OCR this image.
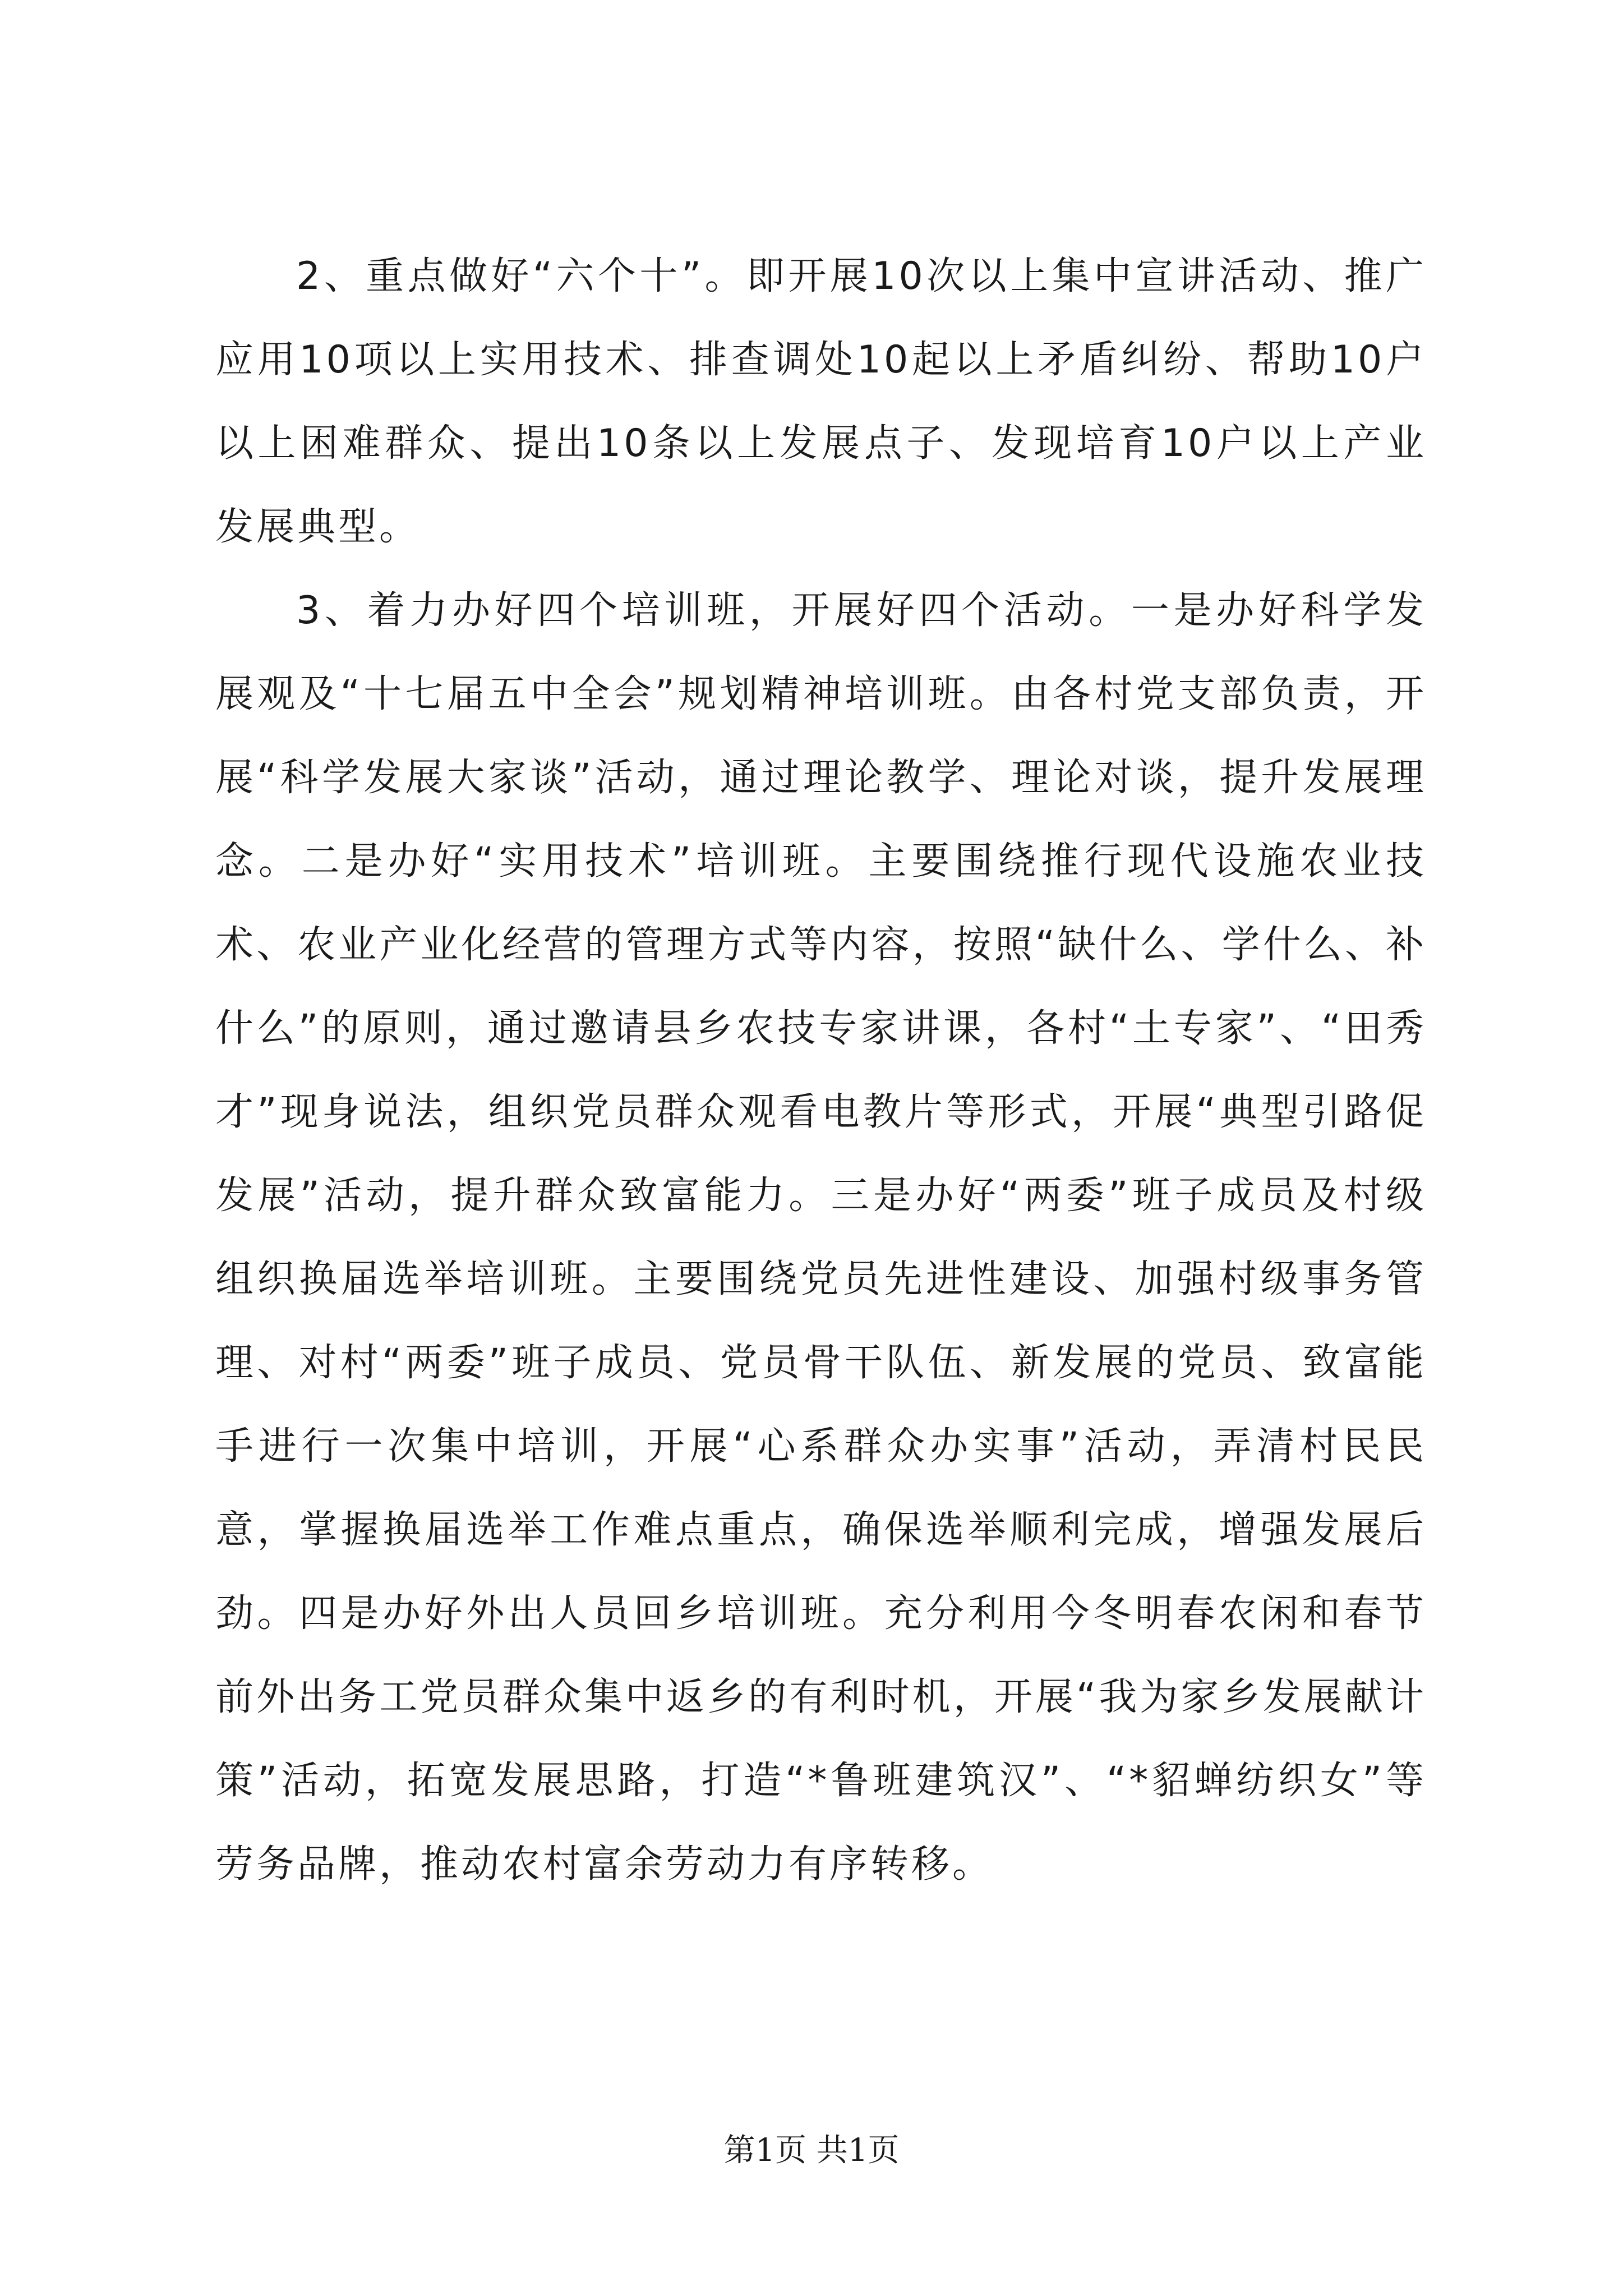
2、重点做好“六个十”。即开展10次以上集中宣讲活动、推广应用10项以上实用技术、排查调处10起以上矛盾纠纷、帮助10户以上困难群众、提出10条以上发展点子、发现培育10户以上产业发展典型。

3、着力办好四个培训班，开展好四个活动。一是办好科学发展观及“十七届五中全会”规划精神培训班。由各村党支部负责，开展“科学发展大家谈”活动，通过理论教学、理论对谈，提升发展理念。二是办好“实用技术”培训班。主要围绕推行现代设施农业技术、农业产业化经营的管理方式等内容，按照“缺什么、学什么、补什么”的原则，通过邀请县乡农技专家讲课，各村“土专家”、“田秀才”现身说法，组织党员群众观看电教片等形式，开展“典型引路促发展”活动，提升群众致富能力。三是办好“两委”班子成员及村级组织换届选举培训班。主要围绕党员先进性建设、加强村级事务管理、对村“两委”班子成员、党员骨干队伍、新发展的党员、致富能手进行一次集中培训，开展“心系群众办实事”活动，弄清村民民意，掌握换届选举工作难点重点，确保选举顺利完成，增强发展后劲。四是办好外出人员回乡培训班。充分利用今冬明春农闲和春节前外出务工党员群众集中返乡的有利时机，开展“我为家乡发展献计策”活动，拓宽发展思路，打造“*鲁班建筑汉”、“*貂蝉纺织女”等劳务品牌，推动农村富余劳动力有序转移。

第1页 共1页
